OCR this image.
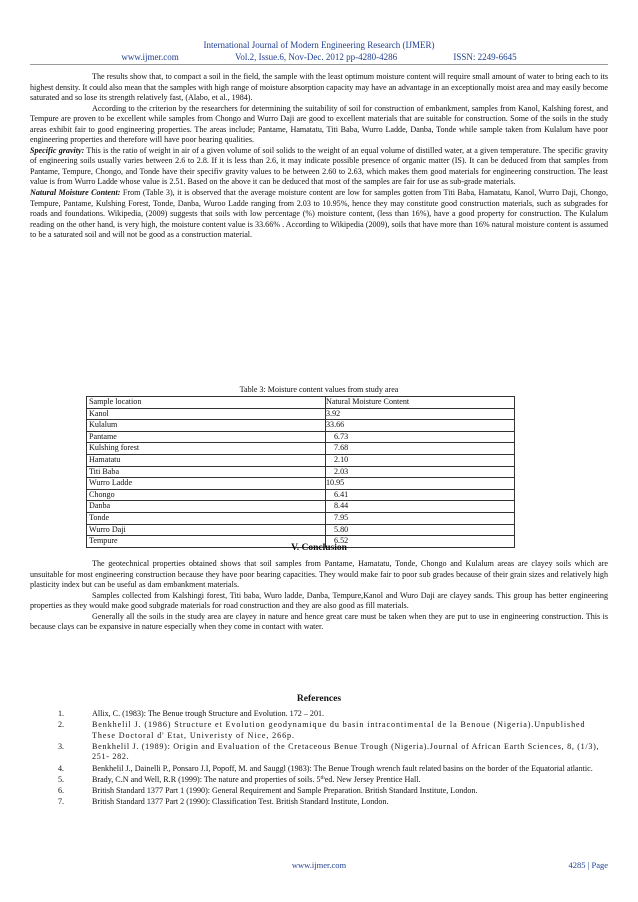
International Journal of Modern Engineering Research (IJMER)
www.ijmer.com	Vol.2, Issue.6, Nov-Dec. 2012 pp-4280-4286	ISSN: 2249-6645

The results show that, to compact a soil in the field, the sample with the least optimum moisture content will require small amount of water to bring each to its highest density. It could also mean that the samples with high range of moisture absorption capacity may have an advantage in an exceptionally moist area and may easily become saturated and so lose its strength relatively fast, (Alabo, et al., 1984).

According to the criterion by the researchers for determining the suitability of soil for construction of embankment, samples from Kanol, Kalshing forest, and Tempure are proven to be excellent while samples from Chongo and Wurro Daji are good to excellent materials that are suitable for construction. Some of the soils in the study areas exhibit fair to good engineering properties. The areas include; Pantame, Hamatatu, Titi Baba, Wurro Ladde, Danba, Tonde while sample taken from Kulalum have poor engineering properties and therefore will have poor bearing qualities.

Specific gravity: This is the ratio of weight in air of a given volume of soil solids to the weight of an equal volume of distilled water, at a given temperature. The specific gravity of engineering soils usually varies between 2.6 to 2.8. If it is less than 2.6, it may indicate possible presence of organic matter (IS). It can be deduced from that samples from Pantame, Tempure, Chongo, and Tonde have their specifiv gravity values to be between 2.60 to 2.63, which makes them good materials for engineering construction. The least value is from Wurro Ladde whose value is 2.51. Based on the above it can be deduced that most of the samples are fair for use as sub-grade materials.

Natural Moisture Content: From (Table 3), it is observed that the average moisture content are low for samples gotten from Titi Baba, Hamatatu, Kanol, Wurro Daji, Chongo, Tempure, Pantame, Kulshing Forest, Tonde, Danba, Wuroo Ladde ranging from 2.03 to 10.95%, hence they may constitute good construction materials, such as subgrades for roads and foundations. Wikipedia, (2009) suggests that soils with low percentage (%) moisture content, (less than 16%), have a good property for construction. The Kulalum reading on the other hand, is very high, the moisture content value is 33.66% . According to Wikipedia (2009), soils that have more than 16% natural moisture content is assumed to be a saturated soil and will not be good as a construction material.

Table 3: Moisture content values from study area
Sample location	Natural Moisture Content
Kanol	3.92
Kulalum	33.66
Pantame	6.73
Kulshing forest	7.68
Hamatatu	2.10
Titi Baba	2.03
Wurro Ladde	10.95
Chongo	6.41
Danba	8.44
Tonde	7.95
Wurro Daji	5.80
Tempure	6.52
V. Conclusion

The geotechnical properties obtained shows that soil samples from Pantame, Hamatatu, Tonde, Chongo and Kulalum areas are clayey soils which are unsuitable for most engineering construction because they have poor bearing capacities. They would make fair to poor sub grades because of their grain sizes and relatively high plasticity index but can be useful as dam embankment materials.

Samples collected from Kalshingi forest, Titi baba, Wuro ladde, Danba, Tempure,Kanol and Wuro Daji are clayey sands. This group has better engineering properties as they would make good subgrade materials for road construction and they are also good as fill materials.

Generally all the soils in the study area are clayey in nature and hence great care must be taken when they are put to use in engineering construction. This is because clays can be expansive in nature especially when they come in contact with water.

References
1.	Allix, C. (1983): The Benue trough Structure and Evolution. 172 – 201.
2.	Benkhelil J. (1986) Structure et Evolution geodynamique du basin intracontimental de la Benoue (Nigeria).Unpublished These Doctoral d' Etat, Univeristy of Nice, 266p.
3.	Benkhelil J. (1989): Origin and Evaluation of the Cretaceous Benue Trough (Nigeria).Journal of African Earth Sciences, 8, (1/3), 251- 282.
4.	Benkhelil J., Dainelli P., Ponsaro J.I, Popoff, M. and Sauggl (1983): The Benue Trough wrench fault related basins on the border of the Equatorial atlantic.
5.	Brady, C.N and Well, R.R (1999): The nature and properties of soils. 5thed. New Jersey Prentice Hall.
6.	British Standard 1377 Part 1 (1990): General Requirement and Sample Preparation. British Standard Institute, London.
7.	British Standard 1377 Part 2 (1990): Classification Test. British Standard Institute, London.
www.ijmer.com	4285 | Page
